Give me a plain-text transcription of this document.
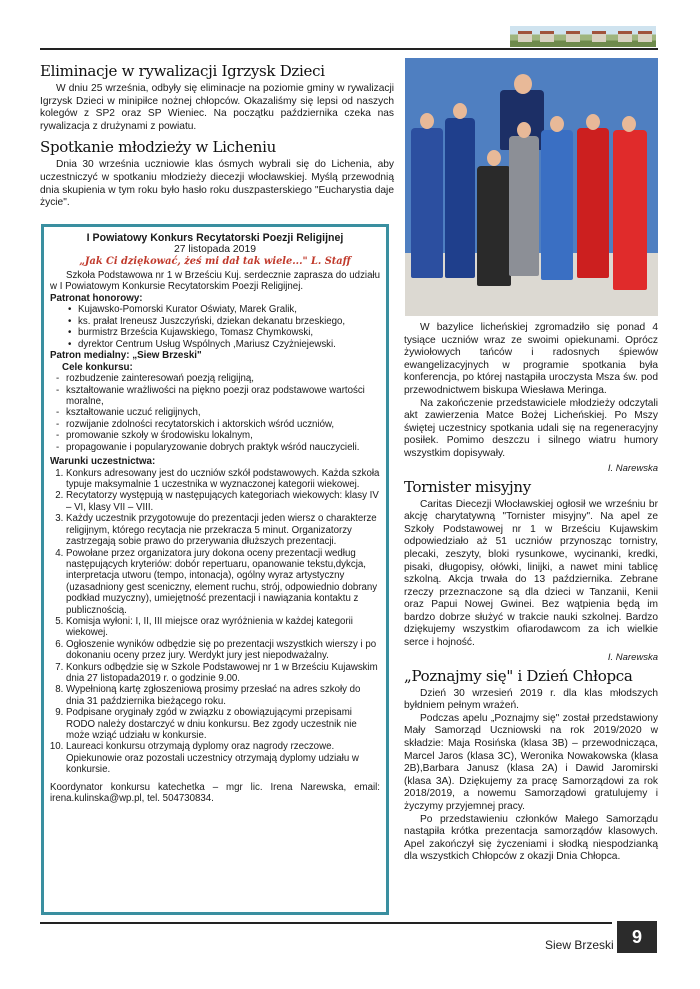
Eliminacje w rywalizacji Igrzysk Dzieci

W dniu 25 września, odbyły się eliminacje na poziomie gminy w rywalizacji Igrzysk Dzieci w minipiłce nożnej chłopców. Okazaliśmy się lepsi od naszych kolegów z SP2 oraz SP Wieniec. Na początku października czeka nas rywalizacja z drużynami z powiatu.

Spotkanie młodzieży w Licheniu

Dnia 30 września uczniowie klas ósmych wybrali się do Lichenia, aby uczestniczyć w spotkaniu młodzieży diecezji włocławskiej. Myślą przewodnią dnia skupienia w tym roku było hasło roku duszpasterskiego "Eucharystia daje życie".

I Powiatowy Konkurs Recytatorski Poezji Religijnej
27 listopada 2019
„Jak Ci dziękować, żeś mi dał tak wiele..." L. Staff

Szkoła Podstawowa nr 1 w Brześciu Kuj. serdecznie zaprasza do udziału w I Powiatowym Konkursie Recytatorskim Poezji Religijnej.

Patronat honorowy:
• Kujawsko-Pomorski Kurator Oświaty, Marek Gralik,
• ks. prałat Ireneusz Juszczyński, dziekan dekanatu brzeskiego,
• burmistrz Brześcia Kujawskiego, Tomasz Chymkowski,
• dyrektor Centrum Usług Wspólnych ,Mariusz Czyżniejewski.
Patron medialny: „Siew Brzeski"
Cele konkursu:
- rozbudzenie zainteresowań poezją religijną,
- kształtowanie wrażliwości na piękno poezji oraz podstawowe wartości moralne,
- kształtowanie uczuć religijnych,
- rozwijanie zdolności recytatorskich i aktorskich wśród uczniów,
- promowanie szkoły w środowisku lokalnym,
- propagowanie i popularyzowanie dobrych praktyk wśród nauczycieli.
Warunki uczestnictwa:
1. Konkurs adresowany jest do uczniów szkół podstawowych. Każda szkoła typuje maksymalnie 1 uczestnika w wyznaczonej kategorii wiekowej.
2. Recytatorzy występują w następujących kategoriach wiekowych: klasy IV – VI, klasy VII – VIII.
3. Każdy uczestnik przygotowuje do prezentacji jeden wiersz o charakterze religijnym, którego recytacja nie przekracza 5 minut. Organizatorzy zastrzegają sobie prawo do przerywania dłuższych prezentacji.
4. Powołane przez organizatora jury dokona oceny prezentacji według następujących kryteriów: dobór repertuaru, opanowanie tekstu,dykcja, interpretacja utworu (tempo, intonacja), ogólny wyraz artystyczny (uzasadniony gest sceniczny, element ruchu, strój, odpowiednio dobrany podkład muzyczny), umiejętność prezentacji i nawiązania kontaktu z publicznością.
5. Komisja wyłoni: I, II, III miejsce oraz wyróżnienia w każdej kategorii wiekowej.
6. Ogłoszenie wyników odbędzie się po prezentacji wszystkich wierszy i po dokonaniu oceny przez jury. Werdykt jury jest niepodważalny.
7. Konkurs odbędzie się w Szkole Podstawowej nr 1 w Brześciu Kujawskim dnia 27 listopada2019 r. o godzinie 9.00.
8. Wypełnioną kartę zgłoszeniową prosimy przesłać na adres szkoły do dnia 31 października bieżącego roku.
9. Podpisane oryginały zgód w związku z obowiązującymi przepisami RODO należy dostarczyć w dniu konkursu. Bez zgody uczestnik nie może wziąć udziału w konkursie.
10. Laureaci konkursu otrzymają dyplomy oraz nagrody rzeczowe. Opiekunowie oraz pozostali uczestnicy otrzymają dyplomy udziału w konkursie.

Koordynator konkursu katechetka – mgr lic. Irena Narewska, email: irena.kulinska@wp.pl, tel. 504730834.

W bazylice licheńskiej zgromadziło się ponad 4 tysiące uczniów wraz ze swoimi opiekunami. Oprócz żywiołowych tańców i radosnych śpiewów ewangelizacyjnych w programie spotkania była konferencja, po której nastąpiła uroczysta Msza św. pod przewodnictwem biskupa Wiesława Meringa.

Na zakończenie przedstawiciele młodzieży odczytali akt zawierzenia Matce Bożej Licheńskiej. Po Mszy świętej uczestnicy spotkania udali się na regeneracyjny posiłek. Pomimo deszczu i silnego wiatru humory wszystkim dopisywały.

I. Narewska
Tornister misyjny

Caritas Diecezji Włocławskiej ogłosił we wrześniu br akcję charytatywną "Tornister misyjny". Na apel ze Szkoły Podstawowej nr 1 w Brześciu Kujawskim odpowiedziało aż 51 uczniów przynosząc tornistry, plecaki, zeszyty, bloki rysunkowe, wycinanki, kredki, pisaki, długopisy, ołówki, linijki, a nawet mini tablicę szkolną. Akcja trwała do 13 października. Zebrane rzeczy przeznaczone są dla dzieci w Tanzanii, Kenii oraz Papui Nowej Gwinei. Bez wątpienia będą im bardzo dobrze służyć w trakcie nauki szkolnej. Bardzo dziękujemy wszystkim ofiarodawcom za ich wielkie serce i hojność.

I. Narewska
„Poznajmy się" i Dzień Chłopca

Dzień 30 wrzesień 2019 r. dla klas młodszych byłdniem pełnym wrażeń.

Podczas apelu „Poznajmy się" został przedstawiony Mały Samorząd Uczniowski na rok 2019/2020 w składzie: Maja Rosińska (klasa 3B) – przewodnicząca, Marcel Jaros (klasa 3C), Weronika Nowakowska (klasa 2B),Barbara Janusz (klasa 2A) i Dawid Jaromirski (klasa 3A). Dziękujemy za pracę Samorządowi za rok 2018/2019, a nowemu Samorządowi gratulujemy i życzymy przyjemnej pracy.

Po przedstawieniu członków Małego Samorządu nastąpiła krótka prezentacja samorządów klasowych. Apel zakończył się życzeniami i słodką niespodzianką dla wszystkich Chłopców z okazji Dnia Chłopca.

Siew Brzeski	9
